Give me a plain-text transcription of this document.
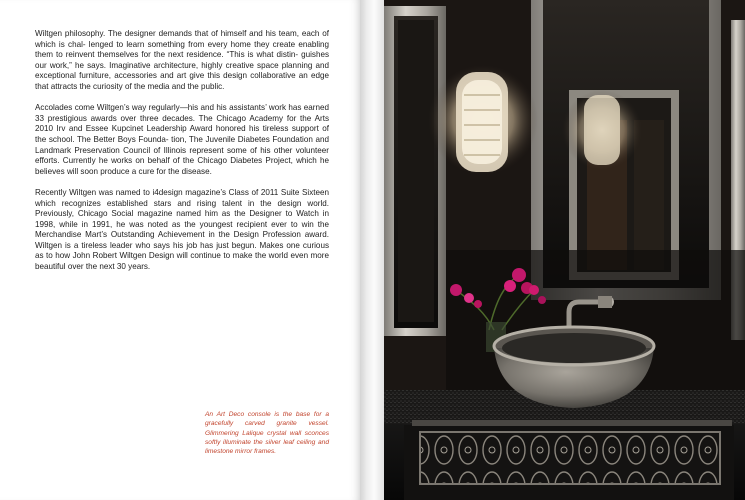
Wiltgen philosophy. The designer demands that of himself and his team, each of which is chal- lenged to learn something from every home they create enabling them to reinvent themselves for the next residence. “This is what distin- guishes our work,” he says. Imaginative architecture, highly creative space planning and exceptional furniture, accessories and art give this design collaborative an edge that attracts the curiosity of the media and the public.

Accolades come Wiltgen’s way regularly—his and his assistants’ work has earned 33 prestigious awards over three decades. The Chicago Academy for the Arts 2010 Irv and Essee Kupcinet Leadership Award honored his tireless support of the school. The Better Boys Founda- tion, The Juvenile Diabetes Foundation and Landmark Preservation Council of Illinois represent some of his other volunteer efforts. Currently he works on behalf of the Chicago Diabetes Project, which he believes will soon produce a cure for the disease.

Recently Wiltgen was named to i4design magazine’s Class of 2011 Suite Sixteen which recognizes established stars and rising talent in the design world. Previously, Chicago Social magazine named him as the Designer to Watch in 1998, while in 1991, he was noted as the youngest recipient ever to win the Merchandise Mart’s Outstanding Achievement in the Design Profession award. Wiltgen is a tireless leader who says his job has just begun. Makes one curious as to how John Robert Wiltgen Design will continue to make the world even more beautiful over the next 30 years.

An Art Deco console is the base for a gracefully carved granite vessel. Glimmering Lalique crystal wall sconces softly illuminate the silver leaf ceiling and limestone mirror frames.
